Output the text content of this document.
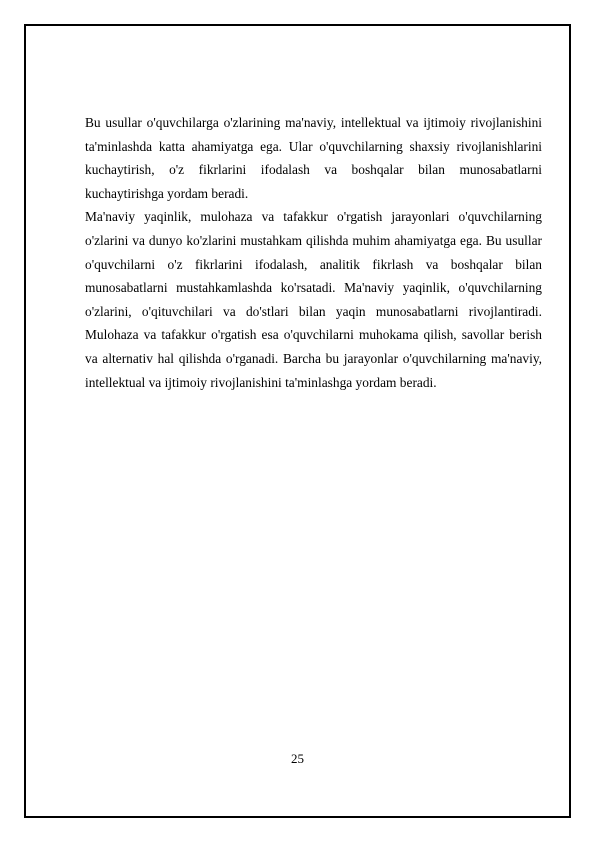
Bu usullar o'quvchilarga o'zlarining ma'naviy, intellektual va ijtimoiy rivojlanishini ta'minlashda katta ahamiyatga ega. Ular o'quvchilarning shaxsiy rivojlanishlarini kuchaytirish, o'z fikrlarini ifodalash va boshqalar bilan munosabatlarni kuchaytirishga yordam beradi.

Ma'naviy yaqinlik, mulohaza va tafakkur o'rgatish jarayonlari o'quvchilarning o'zlarini va dunyo ko'zlarini mustahkam qilishda muhim ahamiyatga ega. Bu usullar o'quvchilarni o'z fikrlarini ifodalash, analitik fikrlash va boshqalar bilan munosabatlarni mustahkamlashda ko'rsatadi. Ma'naviy yaqinlik, o'quvchilarning o'zlarini, o'qituvchilari va do'stlari bilan yaqin munosabatlarni rivojlantiradi. Mulohaza va tafakkur o'rgatish esa o'quvchilarni muhokama qilish, savollar berish va alternativ hal qilishda o'rganadi. Barcha bu jarayonlar o'quvchilarning ma'naviy, intellektual va ijtimoiy rivojlanishini ta'minlashga yordam beradi.

25
